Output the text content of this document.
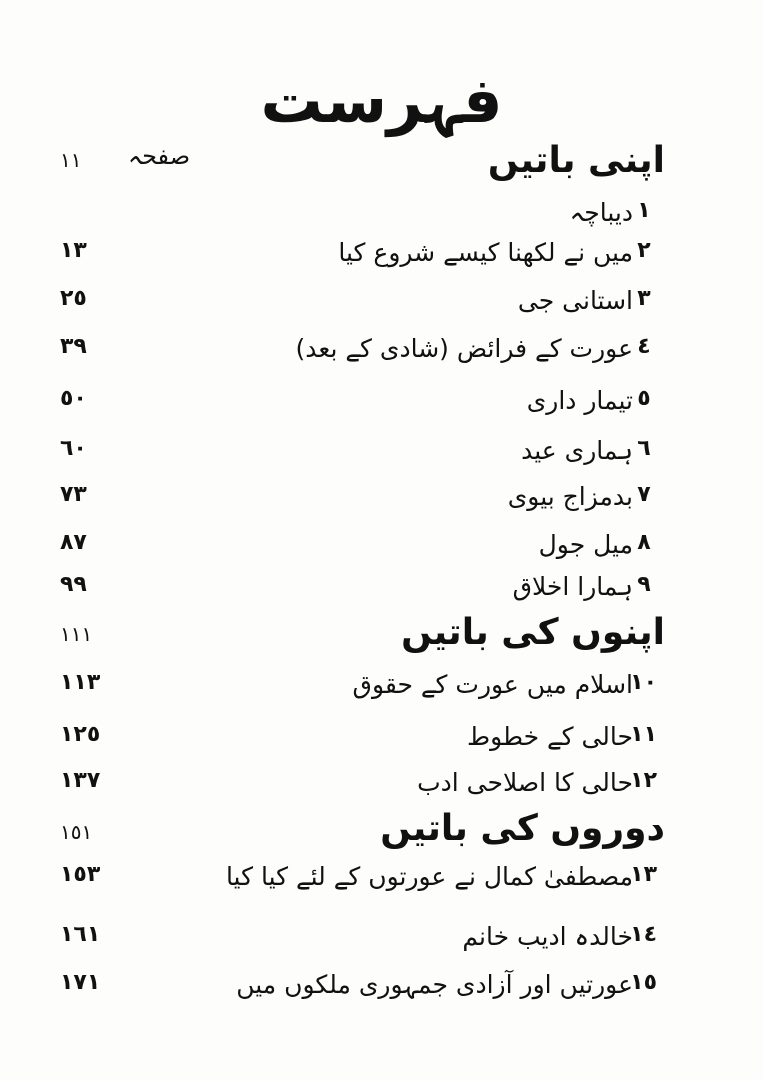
فہرست
صفحہ	اپنی باتیں
١١
١
دیباچہ
٢
میں نے لکھنا کیسے شروع کیا
١٣
٣
استانی جی
٢٥
٤
عورت کے فرائض (شادی کے بعد)
٣٩
٥
تیمار داری
٥٠
٦
ہماری عید
٦٠
٧
بدمزاج بیوی
٧٣
٨
میل جول
٨٧
٩
ہمارا اخلاق
٩٩
اپنوں کی باتیں
١١١
١٠
اسلام میں عورت کے حقوق
١١٣
١١
حالی کے خطوط
١٢٥
١٢
حالی کا اصلاحی ادب
١٣٧
دوروں کی باتیں
١٥١
١٣
مصطفیٰ کمال نے عورتوں کے لئے کیا کیا
١٥٣
١٤
خالدہ ادیب خانم
١٦١
١٥
عورتیں اور آزادی جمہوری ملکوں میں
١٧١
